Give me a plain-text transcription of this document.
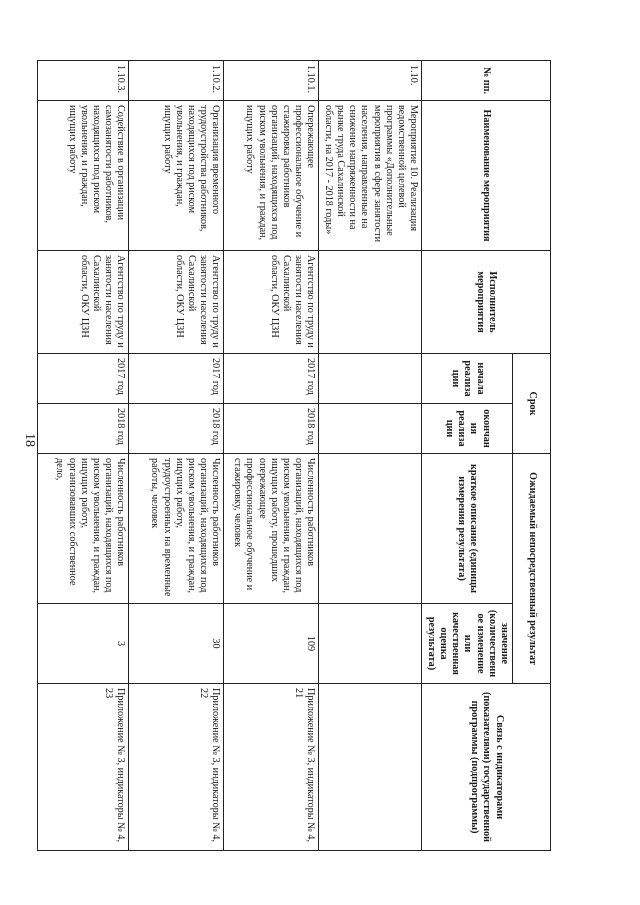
18
№ пп.	Наименование мероприятия	Исполнитель мероприятия	Срок		Ожидаемый непосредственный результат		Связь с индикаторами (показателями) государственной программы (подпрограммы)
			начала реализации	окончания реализации	краткое описание (единицы измерения результата)	значение (количественное изменение или качественная оценка результата)	
1.10.	Мероприятие 10. Реализация ведомственной целевой программы «Дополнительные мероприятия в сфере занятости населения, направленные на снижение напряженности на рынке труда Сахалинской области, на 2017 - 2018 годы»						
1.10.1.	Опережающее профессиональное обучение и стажировка работников организаций, находящихся под риском увольнения, и граждан, ищущих работу	Агентство по труду и занятости населения Сахалинской области, ОКУ ЦЗН	2017 год	2018 год	Численность работников организаций, находящихся под риском увольнения, и граждан, ищущих работу, прошедших опережающее профессиональное обучение и стажировку, человек	109	Приложение № 3, индикаторы № 4, 21
1.10.2.	Организация временного трудоустройства работников, находящихся под риском увольнения, и граждан, ищущих работу	Агентство по труду и занятости населения Сахалинской области, ОКУ ЦЗН	2017 год	2018 год	Численность работников организаций, находящихся под риском увольнения, и граждан, ищущих работу, трудоустроенных на временные работы, человек	30	Приложение № 3, индикаторы № 4, 22
1.10.3.	Содействие в организации самозанятости работников, находящихся под риском увольнения, и граждан, ищущих работу	Агентство по труду и занятости населения Сахалинской области, ОКУ ЦЗН	2017 год	2018 год	Численность работников организаций, находящихся под риском увольнения, и граждан, ищущих работу, организовавших собственное дело,	3	Приложение № 3, индикаторы № 4, 23
